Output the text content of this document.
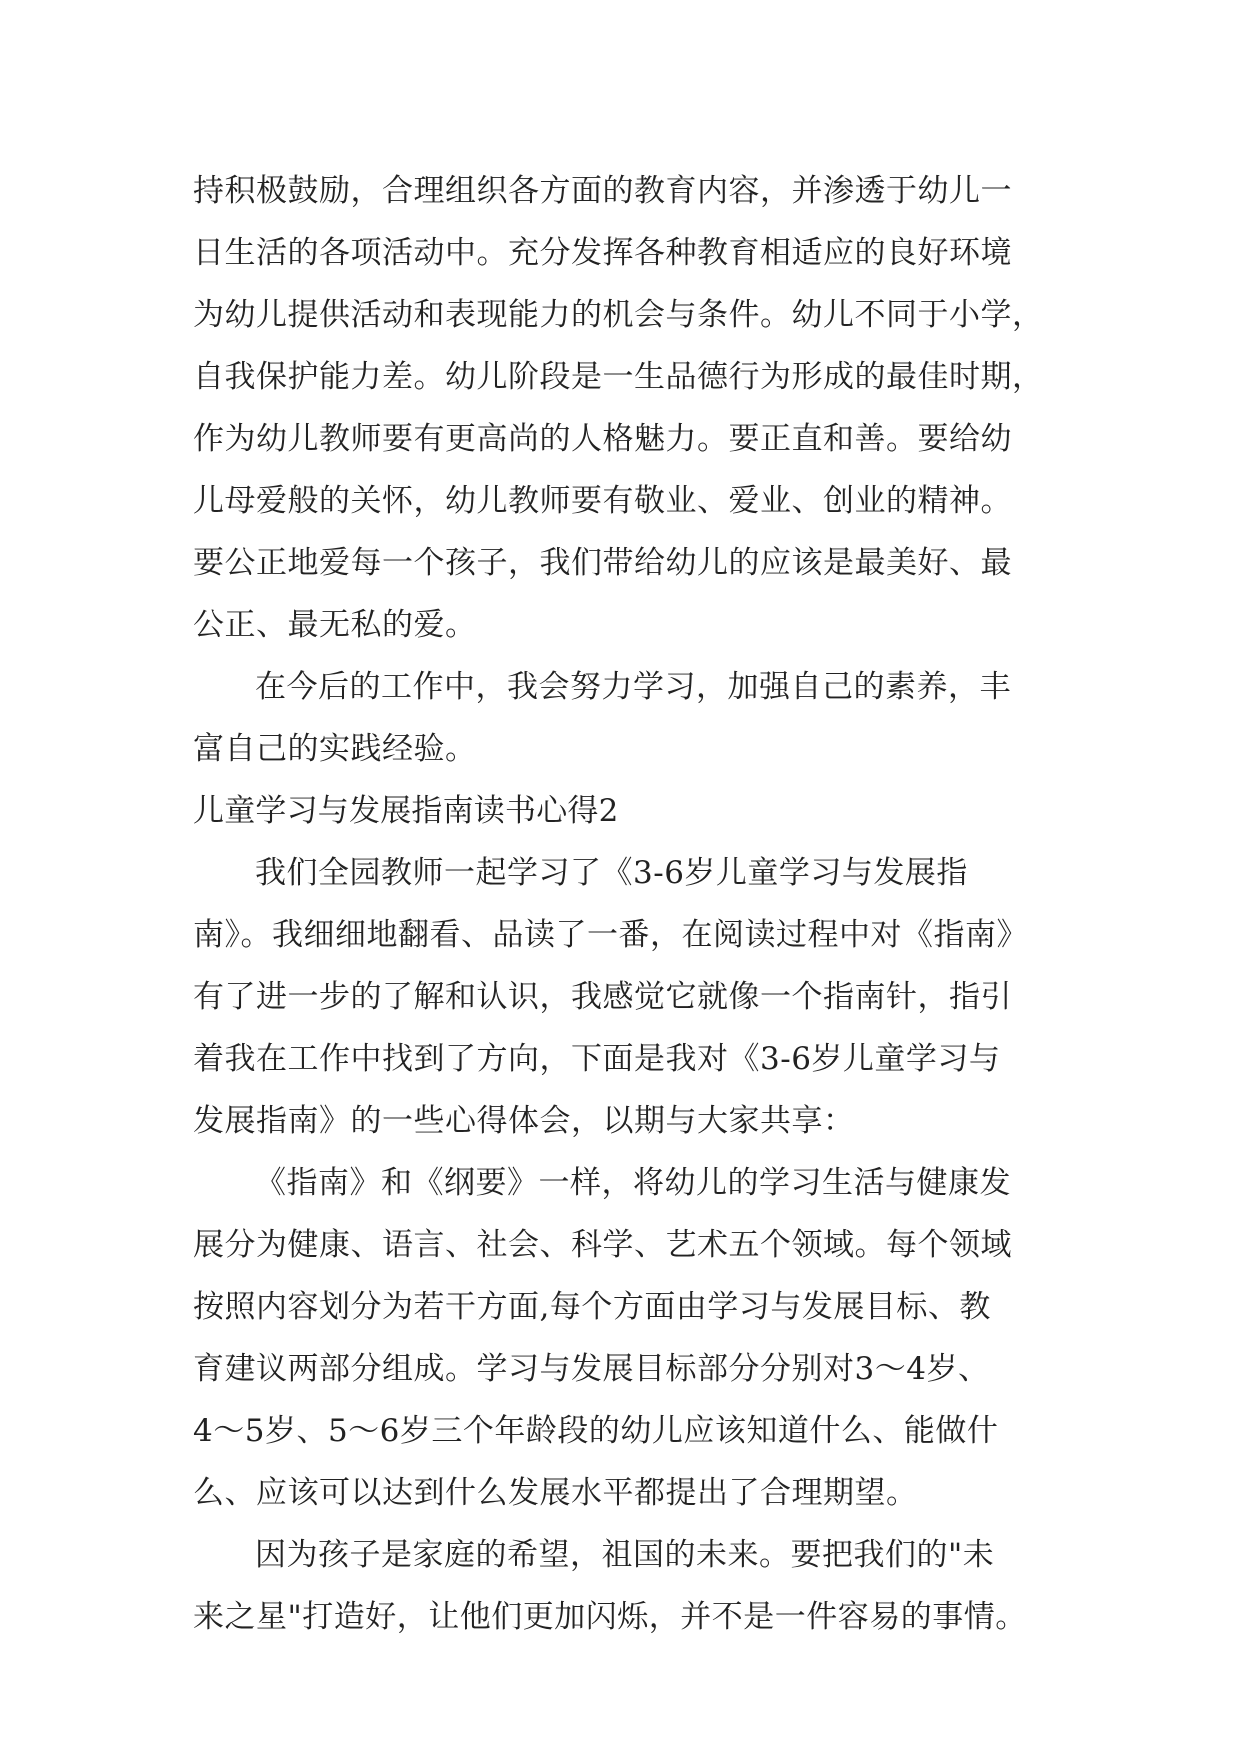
持积极鼓励，合理组织各方面的教育内容，并渗透于幼儿一
日生活的各项活动中。充分发挥各种教育相适应的良好环境
为幼儿提供活动和表现能力的机会与条件。幼儿不同于小学，
自我保护能力差。幼儿阶段是一生品德行为形成的最佳时期，
作为幼儿教师要有更高尚的人格魅力。要正直和善。要给幼
儿母爱般的关怀，幼儿教师要有敬业、爱业、创业的精神。
要公正地爱每一个孩子，我们带给幼儿的应该是最美好、最
公正、最无私的爱。
在今后的工作中，我会努力学习，加强自己的素养，丰
富自己的实践经验。
儿童学习与发展指南读书心得2
我们全园教师一起学习了《3-6岁儿童学习与发展指
南》。我细细地翻看、品读了一番，在阅读过程中对《指南》
有了进一步的了解和认识，我感觉它就像一个指南针，指引
着我在工作中找到了方向，下面是我对《3-6岁儿童学习与
发展指南》的一些心得体会，以期与大家共享：
《指南》和《纲要》一样，将幼儿的学习生活与健康发
展分为健康、语言、社会、科学、艺术五个领域。每个领域
按照内容划分为若干方面,每个方面由学习与发展目标、教
育建议两部分组成。学习与发展目标部分分别对3～4岁、
4～5岁、5～6岁三个年龄段的幼儿应该知道什么、能做什
么、应该可以达到什么发展水平都提出了合理期望。
因为孩子是家庭的希望，祖国的未来。要把我们的"未
来之星"打造好，让他们更加闪烁，并不是一件容易的事情。
